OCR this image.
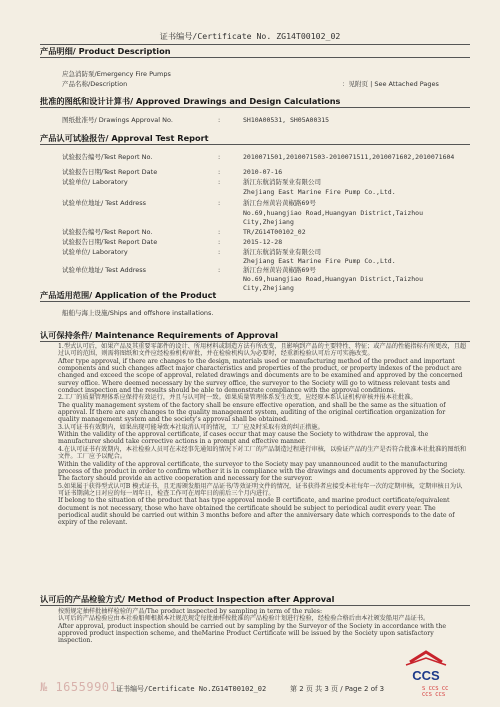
证书编号/Certificate No. ZG14T00102_02
产品明细/ Product Description
应急消防泵/Emergency Fire Pumps
产品名称/Description	：见附页 | See Attached Pages
批准的图纸和设计计算书/ Approved Drawings and Design Calculations
图纸批准号/ Drawings Approval No.	:	SH10A00531, SH05A00315
产品认可试验报告/ Approval Test Report
试验报告编号/Test Report No.	:	2010071501,2010071503-2010071511,2010071602,2010071604
试验报告日期/Test Report Date	:	2010-07-16
试验单位/ Laboratory	:	浙江东航消防泵业有限公司
Zhejiang East Marine Fire Pump Co.,Ltd.
试验单位地址/ Test Address	:	浙江台州黄岩黄椒路69号
No.69,huangjiao Road,Huangyan District,Taizhou
City,Zhejiang
试验报告编号/Test Report No.	:	TR/ZG14T00102_02
试验报告日期/Test Report Date	:	2015-12-28
试验单位/ Laboratory	:	浙江东航消防泵业有限公司
Zhejiang East Marine Fire Pump Co.,Ltd.
试验单位地址/ Test Address	:	浙江台州黄岩黄椒路69号
No.69,huangjiao Road,Huangyan District,Taizhou
City,Zhejiang
产品适用范围/ Application of the Product
船舶与海上设施/Ships and offshore installations.
认可保持条件/ Maintenance Requirements of Approval

1.型式认可后，如果产品及其重要零部件的设计、所用材料或制造方法有所改变，且影响到产品的主要特性、特征；或产品的性能指标有所更改，且超过认可的范围，则需将图纸和文件应经检验机构审批，并在检验机构认为必要时，经重新检验认可后方可实施改变。

After type approval, if there are changes to the design, materials used or manufacturing method of the product and important components and such changes affect major characteristics and properties of the product, or property indexes of the product are changed and exceed the scope of approval, related drawings and documents are to be examined and approved by the concerned survey office. Where deemed necessary by the survey office, the surveyor to the Society will go to witness relevant tests and conduct inspection and the results should be able to demonstrate compliance with the approval conditions.

2.工厂的质量管理体系应保持有效运行，并且与认可时一致。如果质量管理体系发生改变，应经原本系认证机构审核并报本社批准。

The quality management system of the factory shall be ensure effective operation, and shall be the same as the situation of approval. If there are any changes to the quality management system, auditing of the original certification organization for quality management system and the society's approval shall be obtained.

3.认可证书有效期内，如果出现可能导致本社取消认可的情况，工厂应及时采取有效的纠正措施。

Within the validity of the approval certificate, if cases occur that may cause the Society to withdraw the approval, the manufacturer should take corrective actions in a prompt and effective manner.

4.在认可证书有效期内，本社检验人员可在未经事先通知的情况下对工厂的产品制造过程进行审核，以验证产品的生产是否符合批准本社批准的图纸和文件。工厂应予以配合。

Within the validity of the approval certificate, the surveyor to the Society may pay unannounced audit to the manufacturing process of the product in order to confirm whether it is in compliance with the drawings and documents approved by the Society. The factory should provide an active cooperation and necessary for the surveyor.

5.如果属于获得型式认可B 模式证书，且无需颁发船用产品证书/等效证明文件的情况，证书获得者应接受本社每年一次的定期审核，定期审核日为认可证书期满之日对应的每一周年日，检查工作可在周年日的前后三个月内进行。

If belong to the situation of the product that has type approval mode B certificate, and marine product certificate/equivalent document is not necessary, those who have obtained the certificate should be subject to periodical audit every year. The periodical audit should be carried out within 3 months before and after the anniversary date which corresponds to the date of expiry of the relevant.

认可后的产品检验方式/ Method of Product Inspection after Approval

按照规定抽样批抽样检验的产品/The product inspected by sampling in term of the rules:

认可后的产品检验应由本社验船师根据本社规范规定每批抽样按批准的产品检验计划进行检验，经检验合格后由本社颁发船用产品证书。

After approval, product inspection should be carried out by sampling by the Surveyor of the Society in accordance with the approved product inspection scheme, and theMarine Product Certificate will be issued by the Society upon satisfactory inspection.

CCS
№ 16559901
证书编号/Certificate No.ZG14T00102_02	第 2 页 共 3 页 / Page 2 of 3	S CCS CC
CCS CCS
